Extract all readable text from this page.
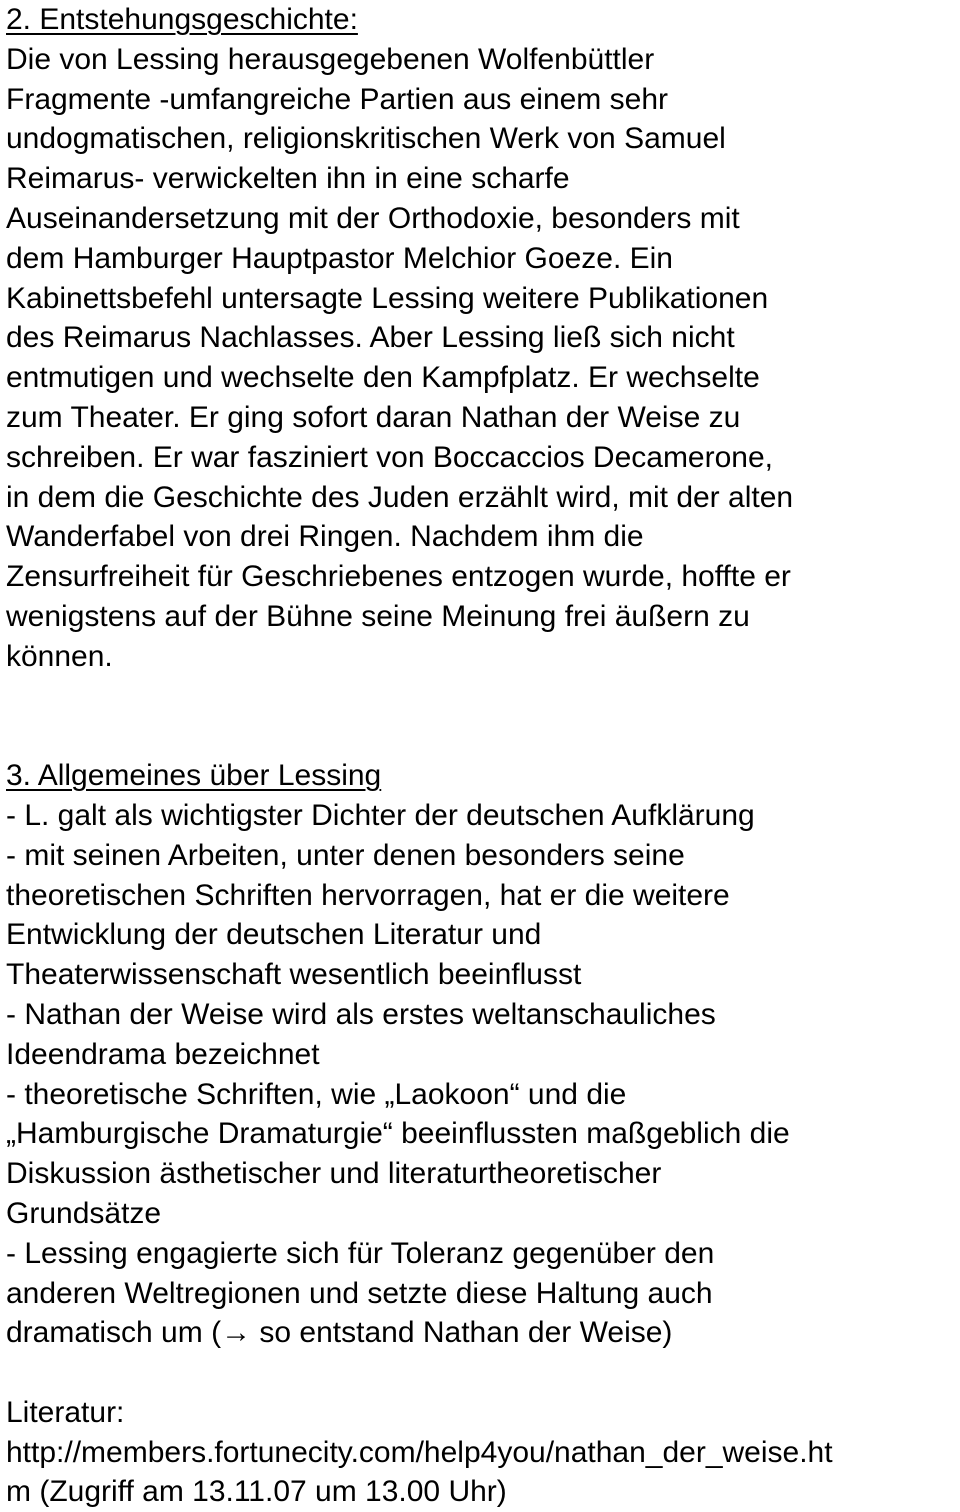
2. Entstehungsgeschichte:
Die von Lessing herausgegebenen Wolfenbüttler
Fragmente -umfangreiche Partien aus einem sehr
undogmatischen, religionskritischen Werk von Samuel
Reimarus- verwickelten ihn in eine scharfe
Auseinandersetzung mit der Orthodoxie, besonders mit
dem Hamburger Hauptpastor Melchior Goeze. Ein
Kabinettsbefehl untersagte Lessing weitere Publikationen
des Reimarus Nachlasses. Aber Lessing ließ sich nicht
entmutigen und wechselte den Kampfplatz. Er wechselte
zum Theater. Er ging sofort daran Nathan der Weise zu
schreiben. Er war fasziniert von Boccaccios Decamerone,
in dem die Geschichte des Juden erzählt wird, mit der alten
Wanderfabel von drei Ringen. Nachdem ihm die
Zensurfreiheit für Geschriebenes entzogen wurde, hoffte er
wenigstens auf der Bühne seine Meinung frei äußern zu
können.
3. Allgemeines über Lessing
- L. galt als wichtigster Dichter der deutschen Aufklärung
- mit seinen Arbeiten, unter denen besonders seine
theoretischen Schriften hervorragen, hat er die weitere
Entwicklung der deutschen Literatur und
Theaterwissenschaft wesentlich beeinflusst
- Nathan der Weise wird als erstes weltanschauliches
Ideendrama bezeichnet
- theoretische Schriften, wie „Laokoon“ und die
„Hamburgische Dramaturgie“ beeinflussten maßgeblich die
Diskussion ästhetischer und literaturtheoretischer
Grundsätze
- Lessing engagierte sich für Toleranz gegenüber den
anderen Weltregionen und setzte diese Haltung auch
dramatisch um (→ so entstand Nathan der Weise)
Literatur:
http://members.fortunecity.com/help4you/nathan_der_weise.ht
m (Zugriff am 13.11.07 um 13.00 Uhr)
